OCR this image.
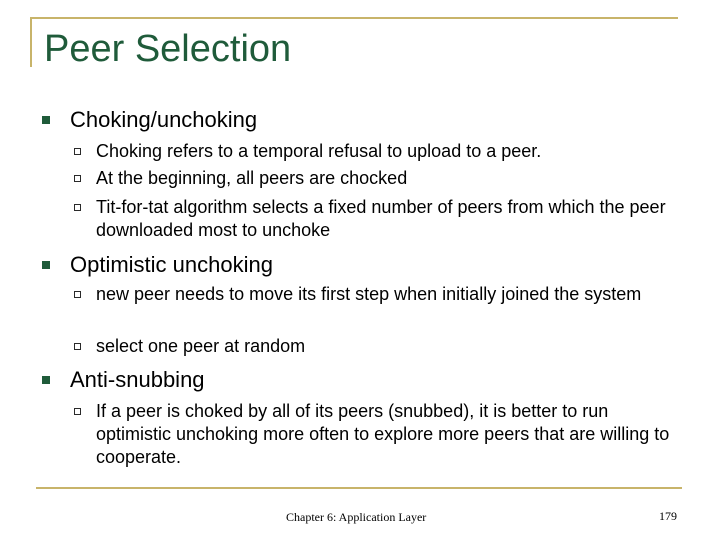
Peer Selection
Choking/unchoking
Choking refers to a temporal refusal to upload to a peer.
At the beginning, all peers are chocked
Tit-for-tat algorithm selects a fixed number of peers from which the peer downloaded most to unchoke
Optimistic unchoking
new peer needs to move its first step when initially joined the system
select one peer at random
Anti-snubbing
If a peer is choked by all of its peers (snubbed), it is better to run optimistic unchoking more often to explore more peers that are willing to cooperate.
Chapter 6: Application Layer	179
